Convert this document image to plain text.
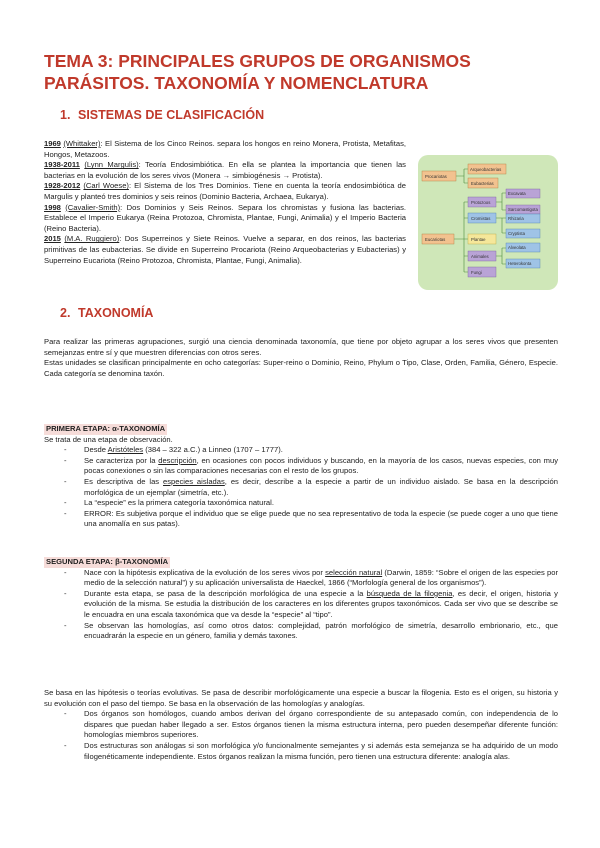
TEMA 3: PRINCIPALES GRUPOS DE ORGANISMOS PARÁSITOS. TAXONOMÍA Y NOMENCLATURA
1. SISTEMAS DE CLASIFICACIÓN

1969 (Whittaker): El Sistema de los Cinco Reinos. separa los hongos en reino Monera, Protista, Metafitas, Hongos, Metazoos.

1938-2011 (Lynn Margulis): Teoría Endosimbiótica. En ella se plantea la importancia que tienen las bacterias en la evolución de los seres vivos (Monera → simbiogénesis → Protista).

1928-2012 (Carl Woese): El Sistema de los Tres Dominios. Tiene en cuenta la teoría endosimbiótica de Margulis y planteó tres dominios y seis reinos (Dominio Bacteria, Archaea, Eukarya).

1998 (Cavalier-Smith): Dos Dominios y Seis Reinos. Separa los chromistas y fusiona las bacterias. Establece el Imperio Eukarya (Reina Protozoa, Chromista, Plantae, Fungi, Animalia) y el Imperio Bacteria (Reino Bacteria).

2015 (M.A. Ruggiero): Dos Superreinos y Siete Reinos. Vuelve a separar, en dos reinos, las bacterias primitivas de las eubacterias. Se divide en Superreino Procariota (Reino Arqueobacterias y Eubacterias) y Superreino Eucariota (Reino Protozoa, Chromista, Plantae, Fungi, Animalia).

Procariotas
Arqueobacterias
Eubacterias
Eucariotas
Protozoos
Cromistas
Plantae
Animales
Fungi
Excavata
Sarcomastigota
Rhizaria
Cryptista
Alveolata
Heterokonta
2. TAXONOMÍA

Para realizar las primeras agrupaciones, surgió una ciencia denominada taxonomía, que tiene por objeto agrupar a los seres vivos que presenten semejanzas entre sí y que muestren diferencias con otros seres.

Estas unidades se clasifican principalmente en ocho categorías: Super-reino o Dominio, Reino, Phylum o Tipo, Clase, Orden, Familia, Género, Especie. Cada categoría se denomina taxón.

PRIMERA ETAPA: α-TAXONOMÍA

Se trata de una etapa de observación.

- Desde Aristóteles (384 – 322 a.C.) a Linneo (1707 – 1777).
- Se caracteriza por la descripción, en ocasiones con pocos individuos y buscando, en la mayoría de los casos, nuevas especies, con muy pocas conexiones o sin las comparaciones necesarias con el resto de los grupos.
- Es descriptiva de las especies aisladas, es decir, describe a la especie a partir de un individuo aislado. Se basa en la descripción morfológica de un ejemplar (simetría, etc.).
- La “especie” es la primera categoría taxonómica natural.
- ERROR: Es subjetiva porque el individuo que se elige puede que no sea representativo de toda la especie (se puede coger a uno que tiene una anomalía en sus patas).

SEGUNDA ETAPA: β-TAXONOMÍA

- Nace con la hipótesis explicativa de la evolución de los seres vivos por selección natural (Darwin, 1859: “Sobre el origen de las especies por medio de la selección natural”) y su aplicación universalista de Haeckel, 1866 (“Morfología general de los organismos”).
- Durante esta etapa, se pasa de la descripción morfológica de una especie a la búsqueda de la filogenia, es decir, el origen, historia y evolución de la misma. Se estudia la distribución de los caracteres en los diferentes grupos taxonómicos. Cada ser vivo que se describe se le encuadra en una escala taxonómica que va desde la “especie” al “tipo”.
- Se observan las homologías, así como otros datos: complejidad, patrón morfológico de simetría, desarrollo embrionario, etc., que encuadrarán la especie en un género, familia y demás taxones.

Se basa en las hipótesis o teorías evolutivas. Se pasa de describir morfológicamente una especie a buscar la filogenia. Esto es el origen, su historia y su evolución con el paso del tiempo. Se basa en la observación de las homologías y analogías.

- Dos órganos son homólogos, cuando ambos derivan del órgano correspondiente de su antepasado común, con independencia de lo dispares que puedan haber llegado a ser. Estos órganos tienen la misma estructura interna, pero pueden desempeñar diferente función: homologías miembros superiores.
- Dos estructuras son análogas si son morfológica y/o funcionalmente semejantes y si además esta semejanza se ha adquirido de un modo filogenéticamente independiente. Estos órganos realizan la misma función, pero tienen una estructura diferente: analogía alas.
